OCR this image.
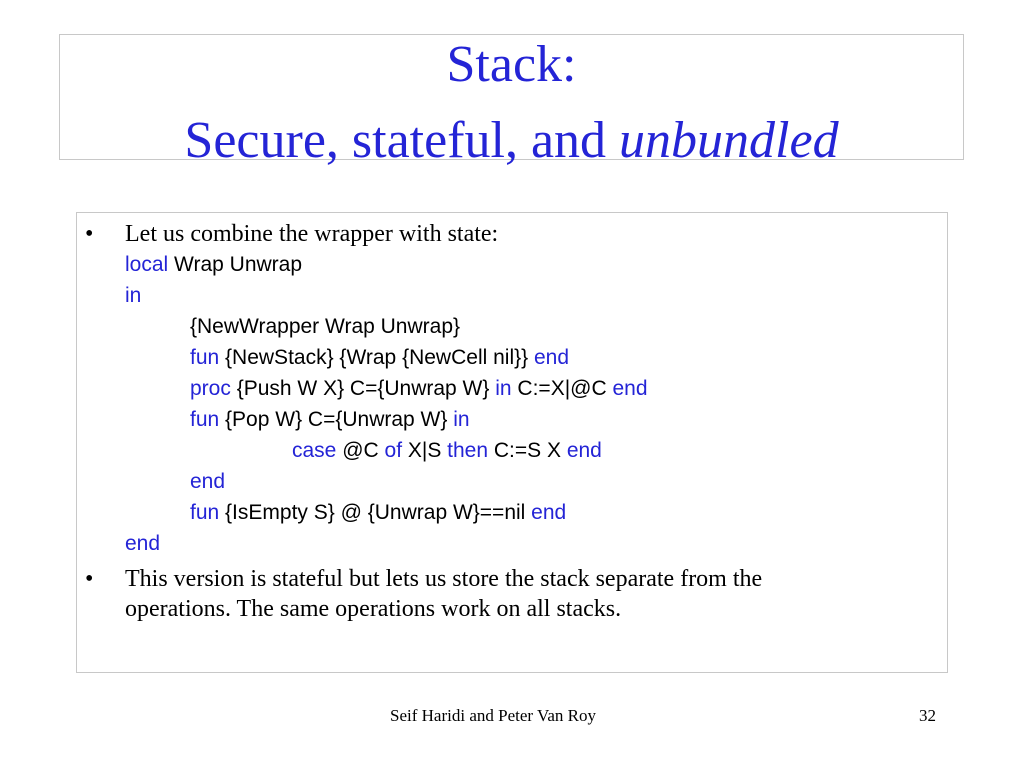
Stack:
Secure, stateful, and unbundled
• Let us combine the wrapper with state:
local Wrap Unwrap
in
{NewWrapper Wrap Unwrap}
fun {NewStack} {Wrap {NewCell nil}} end
proc {Push W X} C={Unwrap W} in C:=X|@C end
fun {Pop W} C={Unwrap W} in
case @C of X|S then C:=S X end
end
fun {IsEmpty S} @ {Unwrap W}==nil end
end
• This version is stateful but lets us store the stack separate from the
operations. The same operations work on all stacks.
Seif Haridi and Peter Van Roy	32
